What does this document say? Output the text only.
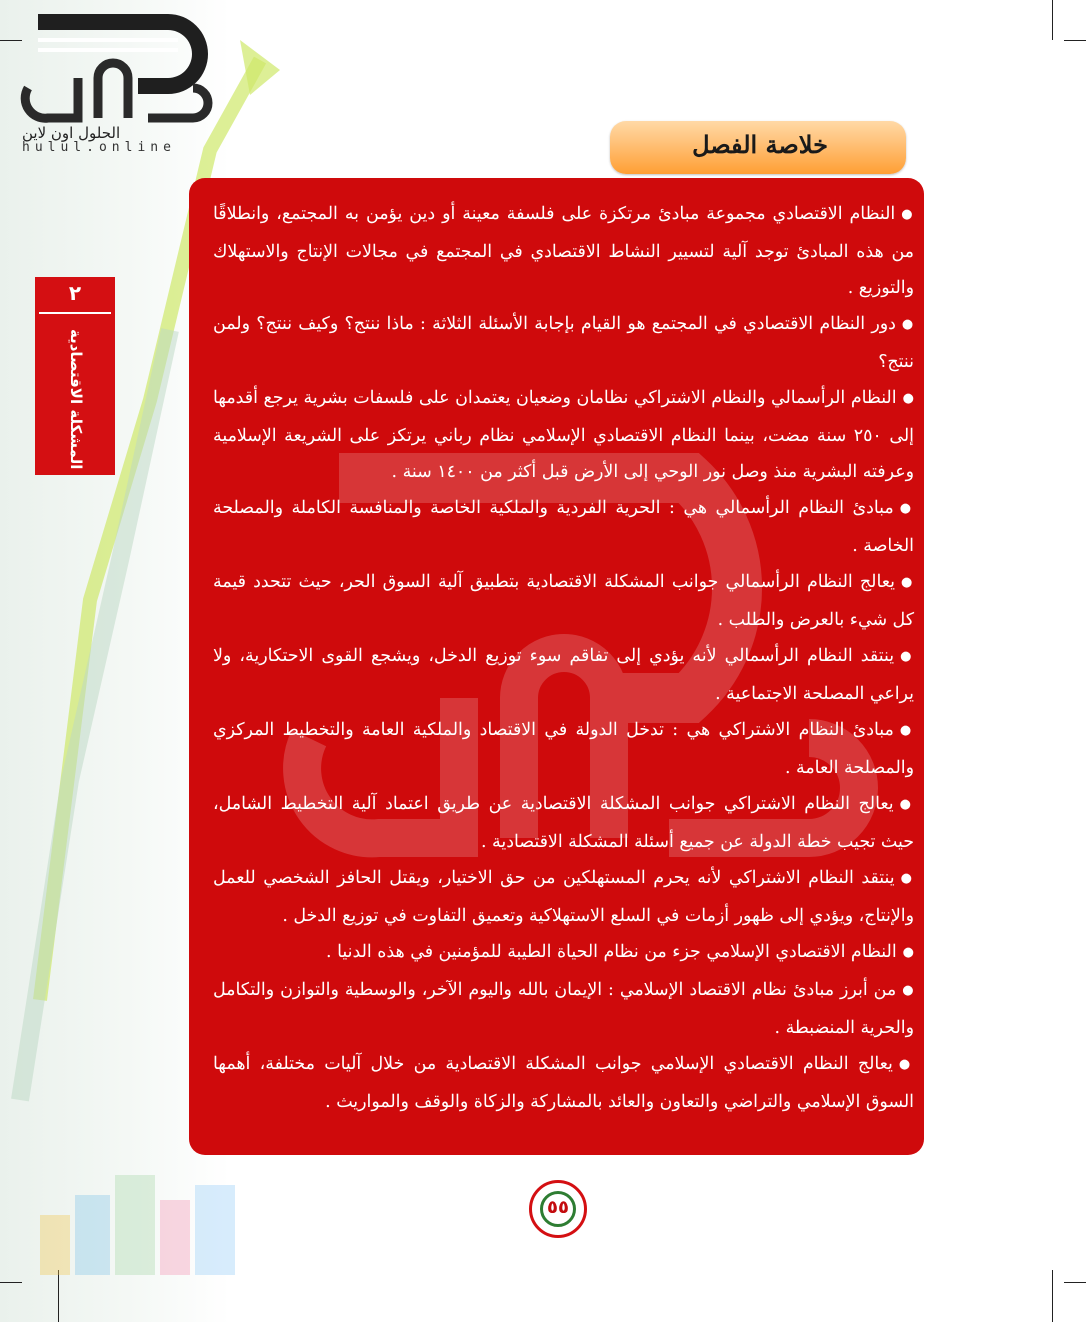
الحلول اون لاين
hulul.online
٢
المشكلة الاقتصادية
خلاصة الفصل
● النظام الاقتصادي مجموعة مبادئ مرتكزة على فلسفة معينة أو دين يؤمن به المجتمع، وانطلاقًا من هذه المبادئ توجد آلية لتسيير النشاط الاقتصادي في المجتمع في مجالات الإنتاج والاستهلاك والتوزيع .
● دور النظام الاقتصادي في المجتمع هو القيام بإجابة الأسئلة الثلاثة : ماذا ننتج؟ وكيف ننتج؟ ولمن ننتج؟
● النظام الرأسمالي والنظام الاشتراكي نظامان وضعيان يعتمدان على فلسفات بشرية يرجع أقدمها إلى ٢٥٠ سنة مضت، بينما النظام الاقتصادي الإسلامي نظام رباني يرتكز على الشريعة الإسلامية وعرفته البشرية منذ وصل نور الوحي إلى الأرض قبل أكثر من ١٤٠٠ سنة .
● مبادئ النظام الرأسمالي هي : الحرية الفردية والملكية الخاصة والمنافسة الكاملة والمصلحة الخاصة .
● يعالج النظام الرأسمالي جوانب المشكلة الاقتصادية بتطبيق آلية السوق الحر، حيث تتحدد قيمة كل شيء بالعرض والطلب .
● ينتقد النظام الرأسمالي لأنه يؤدي إلى تفاقم سوء توزيع الدخل، ويشجع القوى الاحتكارية، ولا يراعي المصلحة الاجتماعية .
● مبادئ النظام الاشتراكي هي : تدخل الدولة في الاقتصاد والملكية العامة والتخطيط المركزي والمصلحة العامة .
● يعالج النظام الاشتراكي جوانب المشكلة الاقتصادية عن طريق اعتماد آلية التخطيط الشامل، حيث تجيب خطة الدولة عن جميع أسئلة المشكلة الاقتصادية .
● ينتقد النظام الاشتراكي لأنه يحرم المستهلكين من حق الاختيار، ويقتل الحافز الشخصي للعمل والإنتاج، ويؤدي إلى ظهور أزمات في السلع الاستهلاكية وتعميق التفاوت في توزيع الدخل .
● النظام الاقتصادي الإسلامي جزء من نظام الحياة الطيبة للمؤمنين في هذه الدنيا .
● من أبرز مبادئ نظام الاقتصاد الإسلامي : الإيمان بالله واليوم الآخر، والوسطية والتوازن والتكامل والحرية المنضبطة .
● يعالج النظام الاقتصادي الإسلامي جوانب المشكلة الاقتصادية من خلال آليات مختلفة، أهمها السوق الإسلامي والتراضي والتعاون والعائد بالمشاركة والزكاة والوقف والمواريث .
٥٥
